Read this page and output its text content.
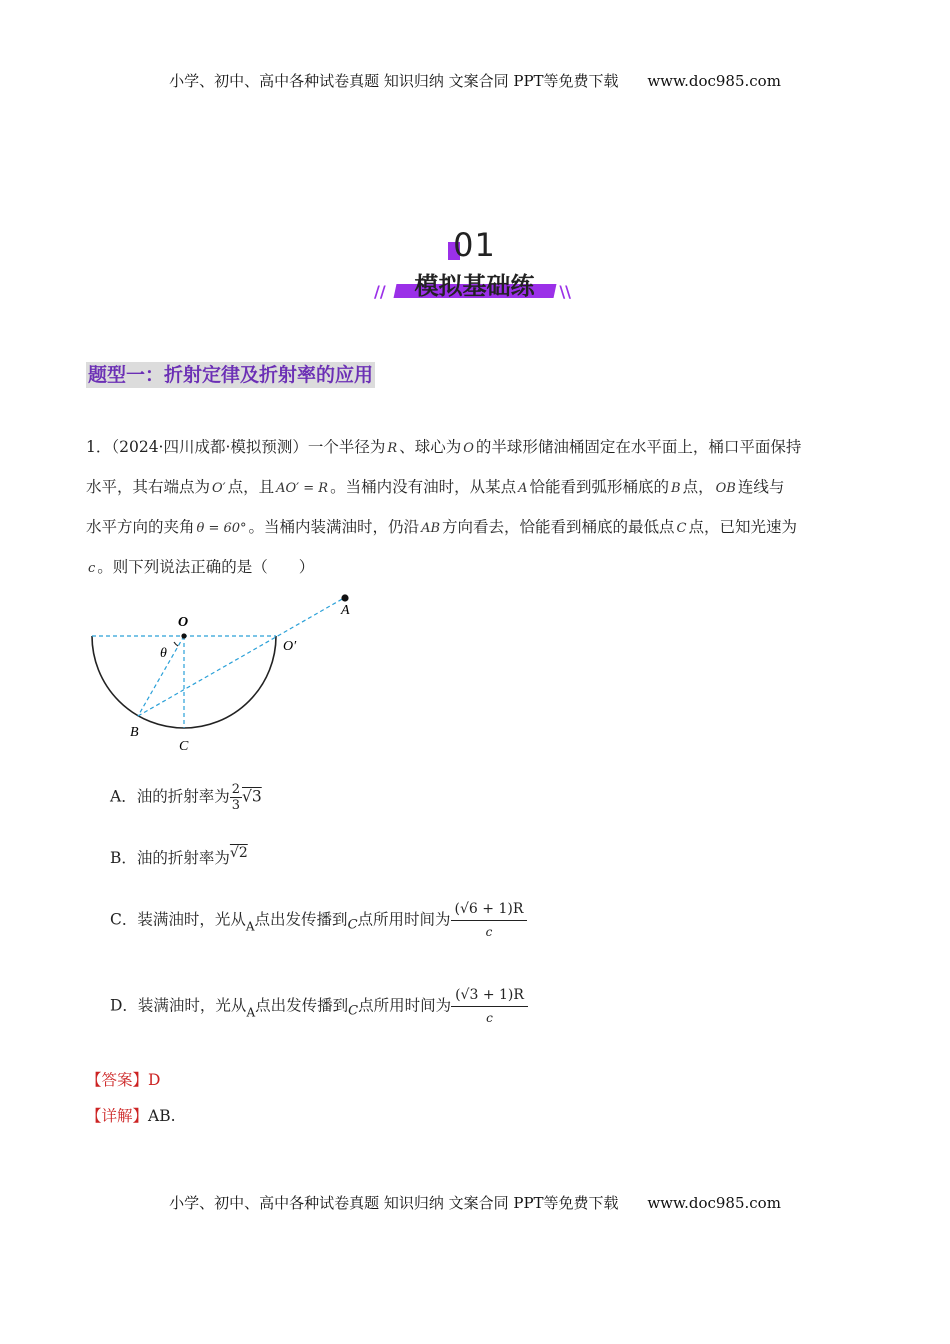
小学、初中、高中各种试卷真题 知识归纳 文案合同 PPT等免费下载 www.doc985.com
01
模拟基础练
//	\\
题型一：折射定律及折射率的应用

1．（2024·四川成都·模拟预测）一个半径为 R 、球心为 O 的半球形储油桶固定在水平面上，桶口平面保持

水平，其右端点为 O′ 点，且 AO′ = R 。当桶内没有油时，从某点 A 恰能看到弧形桶底的 B 点， OB 连线与

水平方向的夹角 θ = 60° 。当桶内装满油时，仍沿 AB 方向看去，恰能看到桶底的最低点 C 点，已知光速为

c 。则下列说法正确的是（　　）

O
A
O′
θ
B
C
A．油的折射率为 $\frac{2}{3} √3$
B．油的折射率为√2
C．装满油时，光从$_A$点出发传播到$_C$点所用时间为 $\frac{(√6 + 1)R}{c}$
D．装满油时，光从$_A$点出发传播到$_C$点所用时间为 $\frac{(√3 + 1)R}{c}$
【答案】D
【详解】AB.
小学、初中、高中各种试卷真题 知识归纳 文案合同 PPT等免费下载 www.doc985.com
